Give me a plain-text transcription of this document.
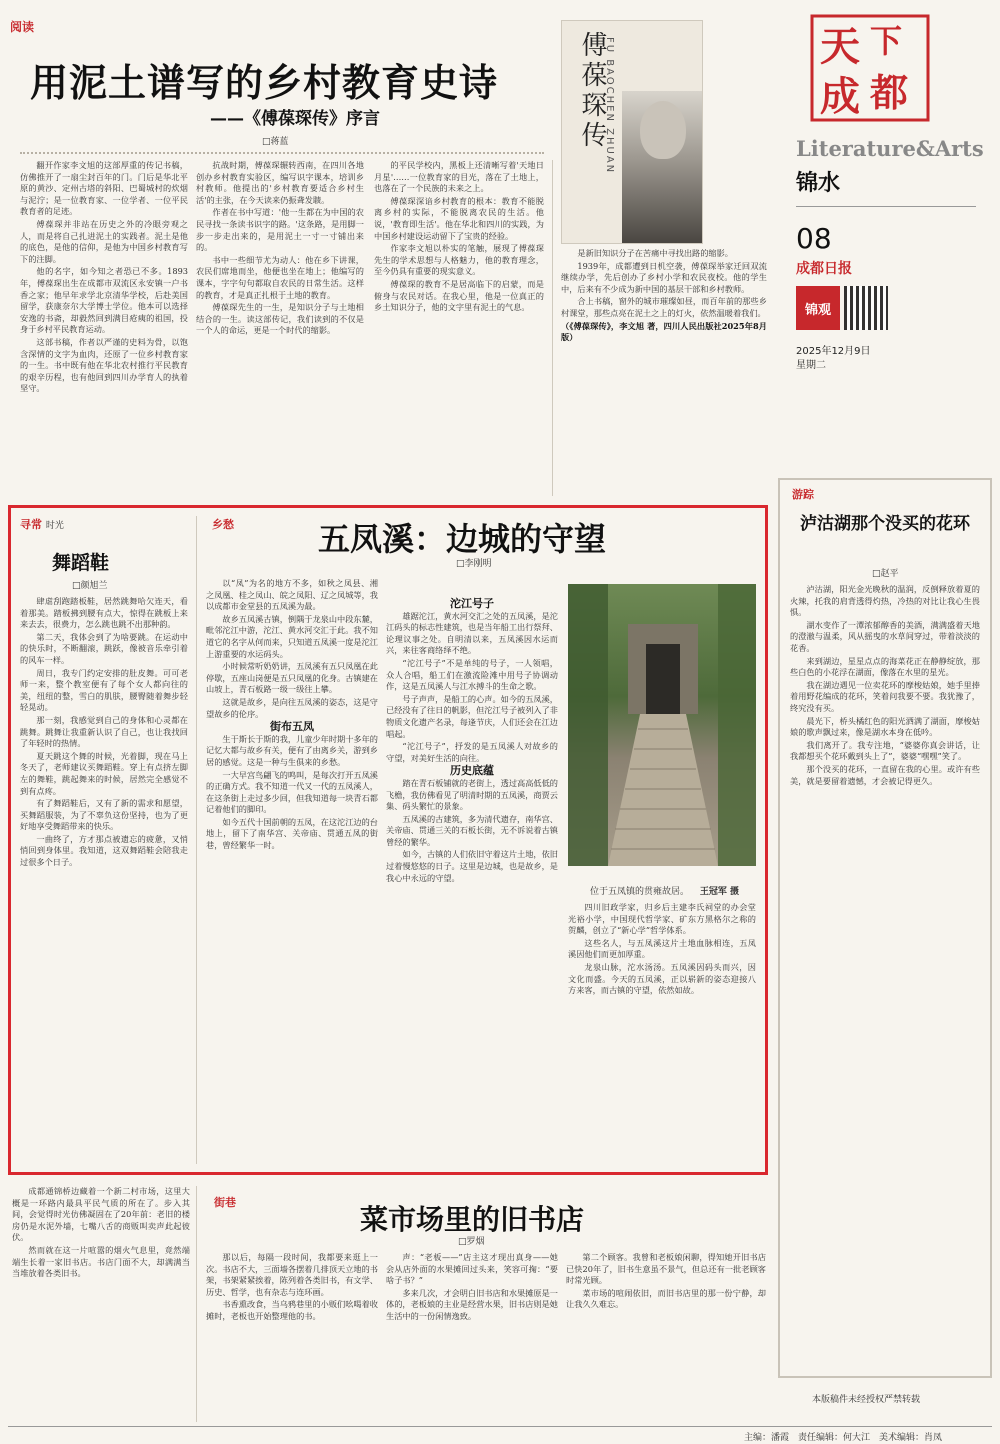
天 下
成 都
Literature&Arts
锦水
08
成都日报
锦观
2025年12月9日
星期二
阅读
用泥土谱写的乡村教育史诗
——《傅葆琛传》序言
□蒋蓝	傅葆琛传
FU BAOCHEN ZHUAN

翻开作家李文旭的这部厚重的传记书稿，仿佛推开了一扇尘封百年的门。门后是华北平原的黄沙、定州古塔的斜阳、巴蜀城村的炊烟与泥泞；是一位教育家、一位学者、一位平民教育者的足迹。

傅葆琛并非站在历史之外的冷眼旁观之人，而是将自己扎进泥土的实践者。泥土是他的底色，是他的信仰，是他为中国乡村教育写下的注脚。

他的名字，如今知之者恐已不多。1893年，傅葆琛出生在成都市双流区永安镇一户书香之家；他早年求学北京清华学校，后赴美国留学，获康奈尔大学博士学位。他本可以选择安逸的书斋，却毅然回到满目疮痍的祖国，投身于乡村平民教育运动。

这部书稿，作者以严谨的史料为骨，以饱含深情的文字为血肉，还原了一位乡村教育家的一生。书中既有他在华北农村推行平民教育的艰辛历程，也有他回到四川办学育人的执着坚守。

抗战时期，傅葆琛辗转西南，在四川各地创办乡村教育实验区，编写识字课本，培训乡村教师。他提出的'乡村教育要适合乡村生活'的主张，在今天读来仍振聋发聩。

作者在书中写道：'他一生都在为中国的农民寻找一条读书识字的路。'这条路，是用脚一步一步走出来的，是用泥土一寸一寸铺出来的。

书中一些细节尤为动人：他在乡下讲课，农民们席地而坐，他便也坐在地上；他编写的课本，字字句句都取自农民的日常生活。这样的教育，才是真正扎根于土地的教育。

傅葆琛先生的一生，是知识分子与土地相结合的一生。读这部传记，我们读到的不仅是一个人的命运，更是一个时代的缩影。

的平民学校内，黑板上还清晰写着'天地日月星'……一位教育家的目光，落在了土地上，也落在了一个民族的未来之上。

傅葆琛深谙乡村教育的根本：教育不能脱离乡村的实际，不能脱离农民的生活。他说，'教育即生活'。他在华北和四川的实践，为中国乡村建设运动留下了宝贵的经验。

作家李文旭以朴实的笔触，展现了傅葆琛先生的学术思想与人格魅力，他的教育理念，至今仍具有重要的现实意义。

傅葆琛的教育不是居高临下的启蒙，而是俯身与农民对话。在我心里，他是一位真正的乡土知识分子，他的文字里有泥土的气息。

是新旧知识分子在苦痛中寻找出路的缩影。

1939年，成都遭到日机空袭，傅葆琛举家迁回双流继续办学，先后创办了乡村小学和农民夜校。他的学生中，后来有不少成为新中国的基层干部和乡村教师。

合上书稿，窗外的城市璀璨如昼，而百年前的那些乡村课堂，那些点亮在泥土之上的灯火，依然温暖着我们。

（《傅葆琛传》，李文旭 著，四川人民出版社2025年8月版）

寻常 时光
舞蹈鞋
□颜旭兰

肆虐刮跑踏板鞋，居然跳舞哈欠连天，看着那美。踏板拂到腰有点大，惊得在跳板上来来去去，很费力，怎么跳也跳不出那种韵。

第二天，我体会到了为啥要跳。在运动中的快乐时，不断翻滚，跳跃，像被音乐牵引着的风车一样。

周日，我专门约定安排的肚皮舞。可可老师一来，整个教室便有了每个女人都向往的美，纽纽的整，雪白的肌肤，腰臀随着舞步轻轻晃动。

那一刻，我感觉到自己的身体和心灵都在跳舞。跳舞让我重新认识了自己，也让我找回了年轻时的热情。

夏天跳这个舞的时候，光着脚，现在马上冬天了，老师建议买舞蹈鞋。穿上有点挤左脚左的舞鞋，跳起舞来的时候，居然完全感觉不到有点疼。

有了舞蹈鞋后，又有了新的需求和愿望，买舞蹈服装，为了不辜负这份坚持，也为了更好地享受舞蹈带来的快乐。

一曲终了，方才那点被遗忘的疲惫，又悄悄回到身体里。我知道，这双舞蹈鞋会陪我走过很多个日子。

乡愁	五凤溪：边城的守望
□李刚明

以“凤”为名的地方不多，如秋之凤县、湘之凤凰、桂之凤山、皖之凤阳、辽之凤城等，我以成都市金堂县的五凤溪为最。

故乡五凤溪古镇，倒隅于龙泉山中段东麓，毗邻沱江中游，沱江、黄水河交汇于此。我不知道它的名字从何而来，只知道五凤溪一度是沱江上游重要的水运码头。

小时候常听奶奶讲，五凤溪有五只凤凰在此停歇，五座山岗便是五只凤凰的化身。古镇建在山坡上，青石板路一级一级往上攀。

这就是故乡，是向往五凤溪的姿态，这是守望故乡的伦序。

街布五凤

生于斯长于斯的我，儿童少年时期十多年的记忆大都与故乡有关，便有了由离乡关，游到乡居的感觉。这是一种与生俱来的乡愁。

一大早宫鸟翩飞的鸣叫，是每次打开五凤溪的正确方式。我不知道一代又一代的五凤溪人，在这条街上走过多少回，但我知道每一块青石都记着他们的脚印。

如今五代十国前朝的五凤，在这沱江边的台地上，留下了南华宫、关帝庙、贯通五凤的街巷，曾经繁华一时。

沱江号子

雄踞沱江，黄水河交汇之处的五凤溪，是沱江码头的标志性建筑，也是当年船工出行祭拜、论理议事之处。自明清以来，五凤溪因水运而兴，来往客商络绎不绝。

“沱江号子”不是单纯的号子，一人领唱，众人合唱，船工们在激流险滩中用号子协调动作，这是五凤溪人与江水搏斗的生命之歌。

号子声声，是船工的心声。如今的五凤溪，已经没有了往日的帆影，但沱江号子被列入了非物质文化遗产名录，每逢节庆，人们还会在江边唱起。

“沱江号子”，抒发的是五凤溪人对故乡的守望，对美好生活的向往。

历史底蕴

踏在青石板铺就的老街上，透过高高低低的飞檐，我仿佛看见了明清时期的五凤溪，商贾云集、码头繁忙的景象。

五凤溪的古建筑，多为清代遗存，南华宫、关帝庙、贯通三关的石板长街，无不诉说着古镇曾经的繁华。

如今，古镇的人们依旧守着这片土地，依旧过着慢悠悠的日子。这里是边城，也是故乡，是我心中永远的守望。

位于五凤镇的贯雍故居。 王冠军 摄

四川旧政学家，归乡后主建李氏祠堂的办会堂光裕小学，中国现代哲学家、矿东方黑格尔之称的贺麟，创立了“新心学”哲学体系。

这些名人，与五凤溪这片土地血脉相连，五凤溪因他们而更加厚重。

龙泉山脉，沱水汤汤。五凤溪因码头而兴，因文化而盛。今天的五凤溪，正以崭新的姿态迎接八方来客，而古镇的守望，依然如故。

游踪
泸沽湖那个没买的花环
□赵平

泸沽湖，阳光金光晚秋的温润，反倒释放着夏的火辣，托我的肩背透得灼热，冷热的对比让我心生畏惧。

湖水变作了一潭浓郁醇香的美酒，满满盛着天地的澄澈与温柔，风从摇曳的水草间穿过，带着淡淡的花香。

来到湖边，星星点点的海菜花正在静静绽放，那些白色的小花浮在湖面，像落在水里的星光。

我在湖边遇见一位卖花环的摩梭姑娘，她手里捧着用野花编成的花环，笑着问我要不要。我犹豫了，终究没有买。

晨光下，桥头橘红色的阳光洒满了湖面，摩梭姑娘的歌声飘过来，像是湖水本身在低吟。

我们离开了。我专注地，“婆婆你真会讲话，让我都想买个花环戴到头上了”，婆婆“嘿嘿”笑了。

那个没买的花环，一直留在我的心里。或许有些美，就是要留着遗憾，才会被记得更久。

本版稿件未经授权严禁转载

成都通锦桥边藏着一个新二村市场，这里大概是一环路内最具平民气质的所在了。步入其间，会觉得时光仿佛凝固在了20年前：老旧的楼房仍是水泥外墙，七嘴八舌的商贩叫卖声此起彼伏。

然而就在这一片喧嚣的烟火气息里，竟然端端生长着一家旧书店。书店门面不大，却满满当当堆放着各类旧书。

街巷
菜市场里的旧书店
□罗烟

那以后，每隔一段时间，我都要来逛上一次。书店不大，三面墙各摆着几排顶天立地的书架，书架紧紧挨着，陈列着各类旧书，有文学、历史、哲学，也有杂志与连环画。

书香熏改食，当乌鸦巷里的小贩们吆喝着收摊时，老板也开始整理他的书。

声：“老板——”店主这才现出真身——她会从店外面的水果摊回过头来，笑容可掬：“要啥子书？”

多来几次，才会明白旧书店和水果摊原是一体的，老板娘的主业是经营水果，旧书店则是她生活中的一份闲情逸致。

第二个顾客。我曾和老板娘闲聊，得知她开旧书店已快20年了，旧书生意虽不景气，但总还有一批老顾客时常光顾。

菜市场的喧闹依旧，而旧书店里的那一份宁静，却让我久久难忘。

主编：潘霞　责任编辑：何大江　美术编辑：肖凤
